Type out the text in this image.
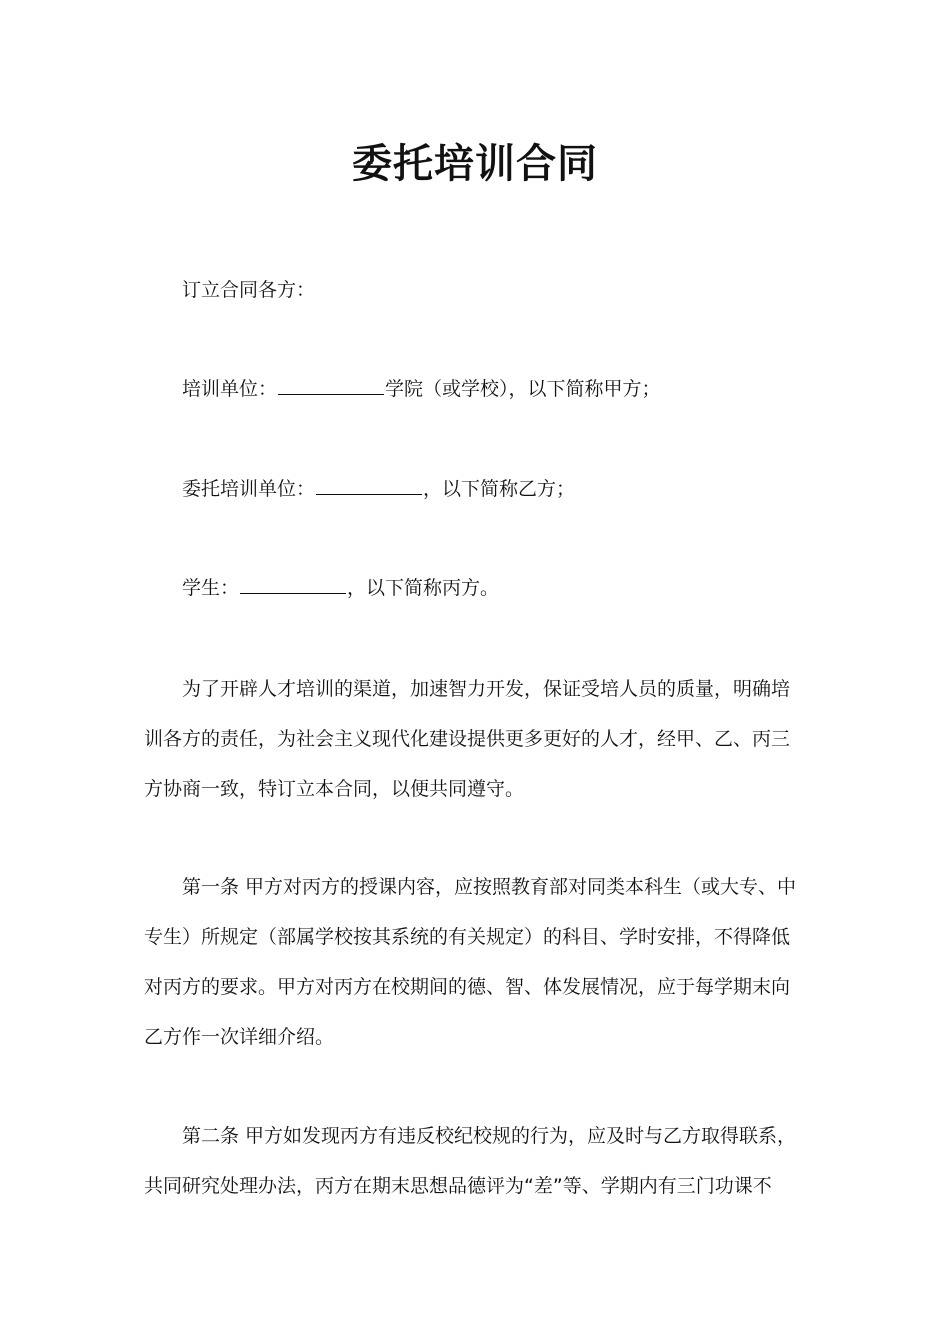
委托培训合同

订立合同各方：

培训单位：	学院（或学校），以下简称甲方；

委托培训单位：	，以下简称乙方；

学生：	，以下简称丙方。

为了开辟人才培训的渠道，加速智力开发，保证受培人员的质量，明确培训各方的责任，为社会主义现代化建设提供更多更好的人才，经甲、乙、丙三方协商一致，特订立本合同，以便共同遵守。

第一条 甲方对丙方的授课内容，应按照教育部对同类本科生（或大专、中专生）所规定（部属学校按其系统的有关规定）的科目、学时安排，不得降低对丙方的要求。甲方对丙方在校期间的德、智、体发展情况，应于每学期末向乙方作一次详细介绍。

第二条 甲方如发现丙方有违反校纪校规的行为，应及时与乙方取得联系，共同研究处理办法，丙方在期末思想品德评为“差”等、学期内有三门功课不
